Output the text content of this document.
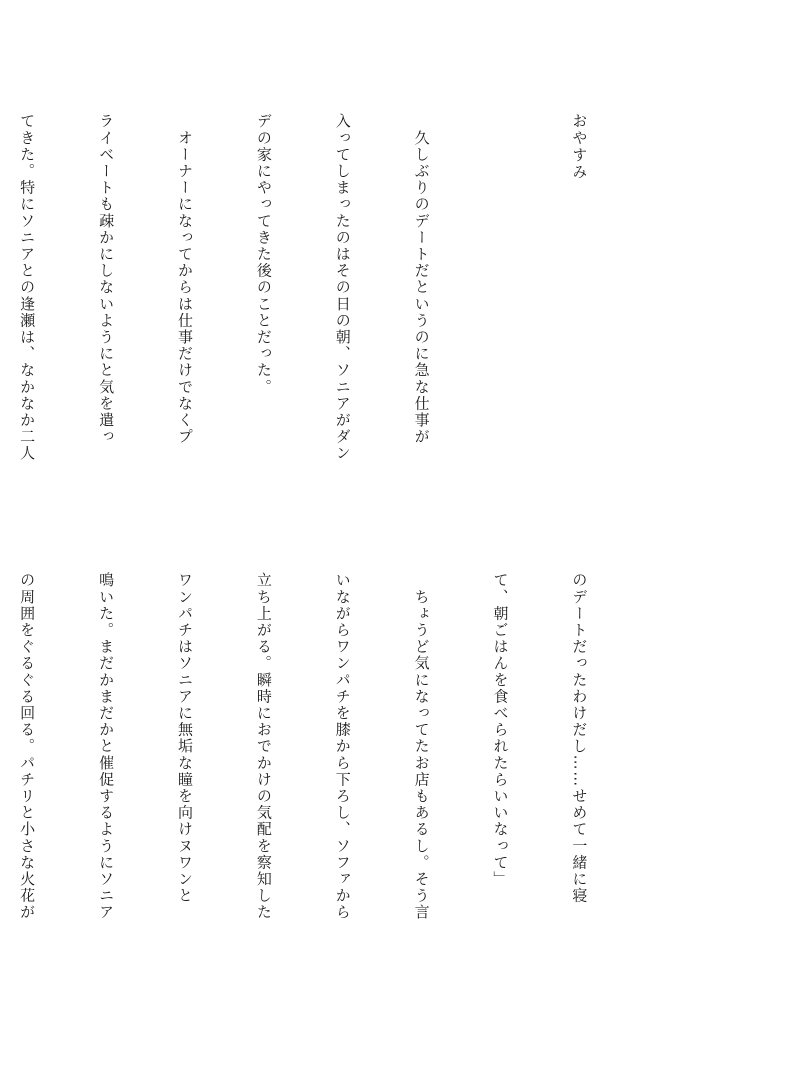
おやすみ

　久しぶりのデートだというのに急な仕事が

入ってしまったのはその日の朝、ソニアがダン

デの家にやってきた後のことだった。

　オーナーになってからは仕事だけでなくプ

ライベートも疎かにしないようにと気を遣っ

てきた。特にソニアとの逢瀬は、なかなか二人

のデートだったわけだし……せめて一緒に寝

て、朝ごはんを食べられたらいいなって」

　ちょうど気になってたお店もあるし。そう言

いながらワンパチを膝から下ろし、ソファから

立ち上がる。瞬時におでかけの気配を察知した

ワンパチはソニアに無垢な瞳を向けヌワンと

鳴いた。まだかまだかと催促するようにソニア

の周囲をぐるぐる回る。パチリと小さな火花が
